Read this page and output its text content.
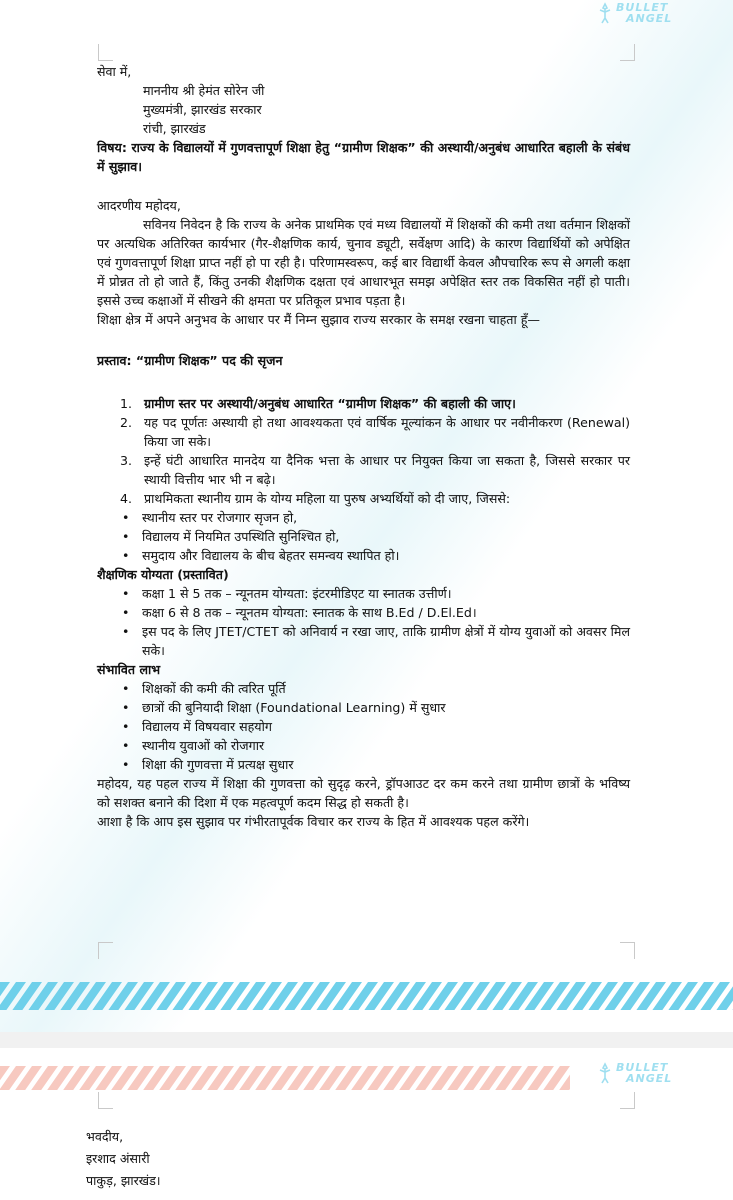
BULLET
ANGEL

सेवा में,

माननीय श्री हेमंत सोरेन जी

मुख्यमंत्री, झारखंड सरकार

रांची, झारखंड

विषय: राज्य के विद्यालयों में गुणवत्तापूर्ण शिक्षा हेतु “ग्रामीण शिक्षक” की अस्थायी/अनुबंध आधारित बहाली के संबंध में सुझाव।

आदरणीय महोदय,

सविनय निवेदन है कि राज्य के अनेक प्राथमिक एवं मध्य विद्यालयों में शिक्षकों की कमी तथा वर्तमान शिक्षकों पर अत्यधिक अतिरिक्त कार्यभार (गैर-शैक्षणिक कार्य, चुनाव ड्यूटी, सर्वेक्षण आदि) के कारण विद्यार्थियों को अपेक्षित एवं गुणवत्तापूर्ण शिक्षा प्राप्त नहीं हो पा रही है। परिणामस्वरूप, कई बार विद्यार्थी केवल औपचारिक रूप से अगली कक्षा में प्रोन्नत तो हो जाते हैं, किंतु उनकी शैक्षणिक दक्षता एवं आधारभूत समझ अपेक्षित स्तर तक विकसित नहीं हो पाती। इससे उच्च कक्षाओं में सीखने की क्षमता पर प्रतिकूल प्रभाव पड़ता है।

शिक्षा क्षेत्र में अपने अनुभव के आधार पर मैं निम्न सुझाव राज्य सरकार के समक्ष रखना चाहता हूँ—

प्रस्ताव: “ग्रामीण शिक्षक” पद की सृजन

1. ग्रामीण स्तर पर अस्थायी/अनुबंध आधारित “ग्रामीण शिक्षक” की बहाली की जाए।
2. यह पद पूर्णतः अस्थायी हो तथा आवश्यकता एवं वार्षिक मूल्यांकन के आधार पर नवीनीकरण (Renewal) किया जा सके।
3. इन्हें घंटी आधारित मानदेय या दैनिक भत्ता के आधार पर नियुक्त किया जा सकता है, जिससे सरकार पर स्थायी वित्तीय भार भी न बढ़े।
4. प्राथमिकता स्थानीय ग्राम के योग्य महिला या पुरुष अभ्यर्थियों को दी जाए, जिससे:
• स्थानीय स्तर पर रोजगार सृजन हो,
• विद्यालय में नियमित उपस्थिति सुनिश्चित हो,
• समुदाय और विद्यालय के बीच बेहतर समन्वय स्थापित हो।

शैक्षणिक योग्यता (प्रस्तावित)

• कक्षा 1 से 5 तक – न्यूनतम योग्यता: इंटरमीडिएट या स्नातक उत्तीर्ण।
• कक्षा 6 से 8 तक – न्यूनतम योग्यता: स्नातक के साथ B.Ed / D.El.Ed।
• इस पद के लिए JTET/CTET को अनिवार्य न रखा जाए, ताकि ग्रामीण क्षेत्रों में योग्य युवाओं को अवसर मिल सके।

संभावित लाभ

• शिक्षकों की कमी की त्वरित पूर्ति
• छात्रों की बुनियादी शिक्षा (Foundational Learning) में सुधार
• विद्यालय में विषयवार सहयोग
• स्थानीय युवाओं को रोजगार
• शिक्षा की गुणवत्ता में प्रत्यक्ष सुधार

महोदय, यह पहल राज्य में शिक्षा की गुणवत्ता को सुदृढ़ करने, ड्रॉपआउट दर कम करने तथा ग्रामीण छात्रों के भविष्य को सशक्त बनाने की दिशा में एक महत्वपूर्ण कदम सिद्ध हो सकती है।

आशा है कि आप इस सुझाव पर गंभीरतापूर्वक विचार कर राज्य के हित में आवश्यक पहल करेंगे।

BULLET
ANGEL

भवदीय,

इरशाद अंसारी

पाकुड़, झारखंड।
